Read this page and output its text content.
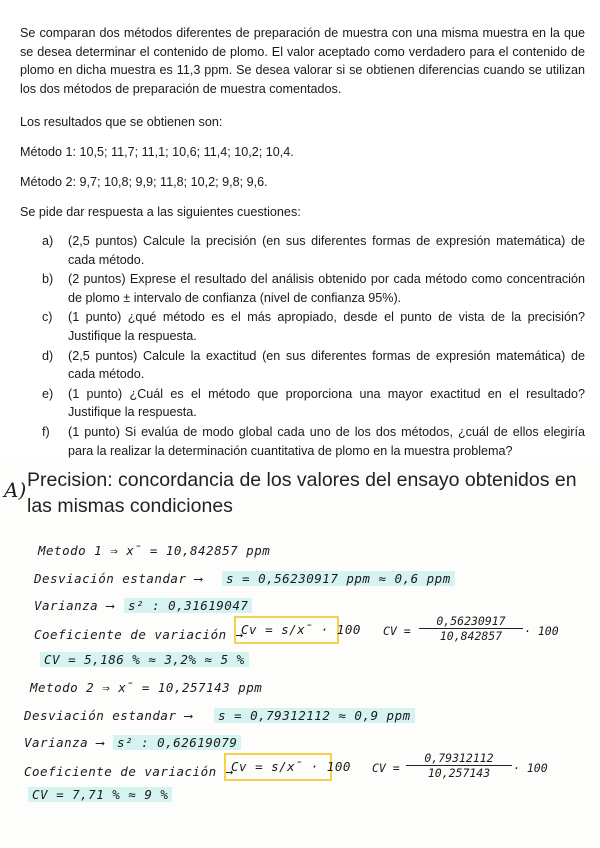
Se comparan dos métodos diferentes de preparación de muestra con una misma muestra en la que se desea determinar el contenido de plomo. El valor aceptado como verdadero para el contenido de plomo en dicha muestra es 11,3 ppm. Se desea valorar si se obtienen diferencias cuando se utilizan los dos métodos de preparación de muestra comentados.
Los resultados que se obtienen son:
Método 1: 10,5; 11,7; 11,1; 10,6; 11,4; 10,2; 10,4.
Método 2: 9,7; 10,8; 9,9; 11,8; 10,2; 9,8; 9,6.
Se pide dar respuesta a las siguientes cuestiones:
a)	(2,5 puntos) Calcule la precisión (en sus diferentes formas de expresión matemática) de cada método.
b)	(2 puntos) Exprese el resultado del análisis obtenido por cada método como concentración de plomo ± intervalo de confianza (nivel de confianza 95%).
c)	(1 punto) ¿qué método es el más apropiado, desde el punto de vista de la precisión? Justifique la respuesta.
d)	(2,5 puntos) Calcule la exactitud (en sus diferentes formas de expresión matemática) de cada método.
e)	(1 punto) ¿Cuál es el método que proporciona una mayor exactitud en el resultado? Justifique la respuesta.
f)	(1 punto) Si evalúa de modo global cada uno de los dos métodos, ¿cuál de ellos elegiría para la realizar la determinación cuantitativa de plomo en la muestra problema?
A) Precision: concordancia de los valores del ensayo obtenidos en las mismas condiciones
Metodo 1 ⇒ x̄ = 10,842857 ppm
Desviación estandar ⟶	s = 0,56230917 ppm ≈ 0,6 ppm
Varianza ⟶	s² : 0,31619047
Coeficiente de variación ⟶
Cv = s/x̄ · 100 CV = $\frac{0,56230917}{10,842857} \cdot 100$
CV = 5,186 % ≈ 3,2% ≈ 5 %
Metodo 2 ⇒ x̄ = 10,257143 ppm
Desviación estandar ⟶	s = 0,79312112 ≈ 0,9 ppm
Varianza ⟶	s² : 0,62619079
Coeficiente de variación ⟶
Cv = s/x̄ · 100 CV = $\frac{0,79312112}{10,257143} \cdot 100$
CV = 7,71 % ≈ 9 %
